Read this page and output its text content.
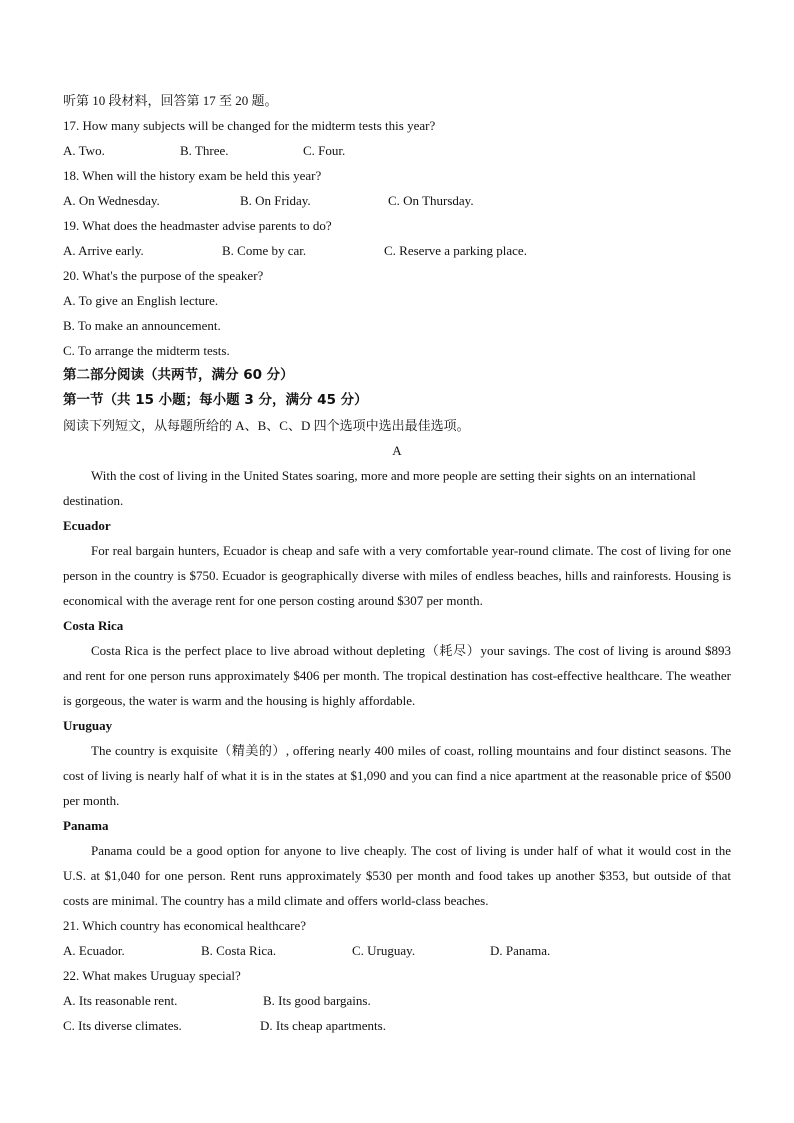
听第 10 段材料，回答第 17 至 20 题。
17. How many subjects will be changed for the midterm tests this year?
A. Two.	B. Three.	C. Four.
18. When will the history exam be held this year?
A. On Wednesday.	B. On Friday.	C. On Thursday.
19. What does the headmaster advise parents to do?
A. Arrive early.	B. Come by car.	C. Reserve a parking place.
20. What's the purpose of the speaker?
A. To give an English lecture.
B. To make an announcement.
C. To arrange the midterm tests.
第二部分阅读（共两节，满分 60 分）
第一节（共 15 小题；每小题 3 分，满分 45 分）
阅读下列短文，从每题所给的 A、B、C、D 四个选项中选出最佳选项。
A
With the cost of living in the United States soaring, more and more people are setting their sights on an international destination.
Ecuador
For real bargain hunters, Ecuador is cheap and safe with a very comfortable year-round climate. The cost of living for one person in the country is $750. Ecuador is geographically diverse with miles of endless beaches, hills and rainforests. Housing is economical with the average rent for one person costing around $307 per month.
Costa Rica
Costa Rica is the perfect place to live abroad without depleting（耗尽）your savings. The cost of living is around $893 and rent for one person runs approximately $406 per month. The tropical destination has cost-effective healthcare. The weather is gorgeous, the water is warm and the housing is highly affordable.
Uruguay
The country is exquisite（精美的）, offering nearly 400 miles of coast, rolling mountains and four distinct seasons. The cost of living is nearly half of what it is in the states at $1,090 and you can find a nice apartment at the reasonable price of $500 per month.
Panama
Panama could be a good option for anyone to live cheaply. The cost of living is under half of what it would cost in the U.S. at $1,040 for one person. Rent runs approximately $530 per month and food takes up another $353, but outside of that costs are minimal. The country has a mild climate and offers world-class beaches.
21. Which country has economical healthcare?
A. Ecuador.	B. Costa Rica.	C. Uruguay.	D. Panama.
22. What makes Uruguay special?
A. Its reasonable rent.	B. Its good bargains.
C. Its diverse climates.	D. Its cheap apartments.
